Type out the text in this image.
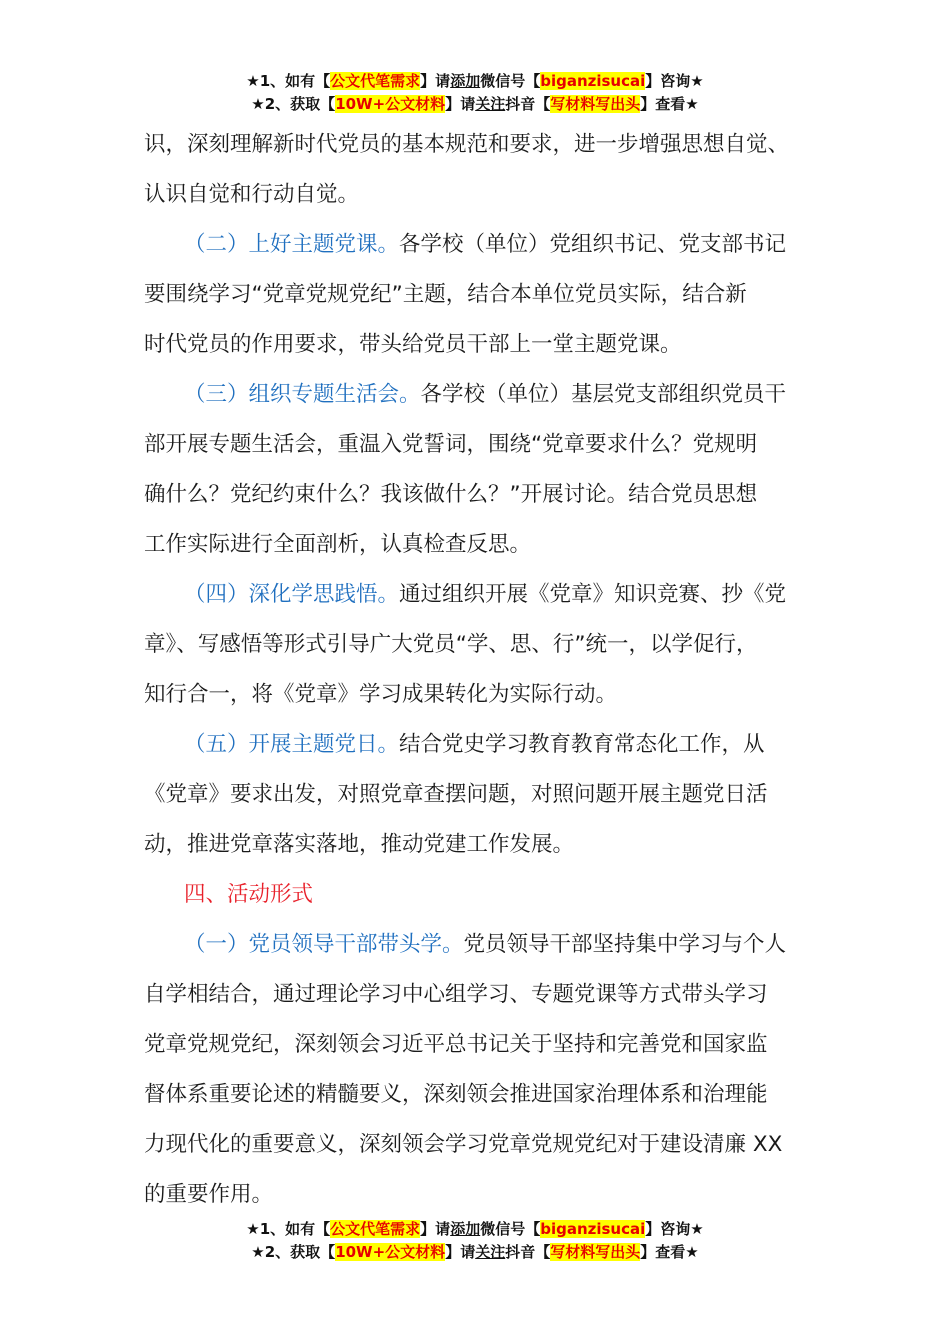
★1、如有【公文代笔需求】请添加微信号【biganzisucai】咨询★
★2、获取【10W+公文材料】请关注抖音【写材料写出头】查看★

识，深刻理解新时代党员的基本规范和要求，进一步增强思想自觉、

认识自觉和行动自觉。

（二）上好主题党课。各学校（单位）党组织书记、党支部书记

要围绕学习“党章党规党纪”主题，结合本单位党员实际，结合新

时代党员的作用要求，带头给党员干部上一堂主题党课。

（三）组织专题生活会。各学校（单位）基层党支部组织党员干

部开展专题生活会，重温入党誓词，围绕“党章要求什么？党规明

确什么？党纪约束什么？我该做什么？”开展讨论。结合党员思想

工作实际进行全面剖析，认真检查反思。

（四）深化学思践悟。通过组织开展《党章》知识竞赛、抄《党

章》、写感悟等形式引导广大党员“学、思、行”统一，以学促行，

知行合一，将《党章》学习成果转化为实际行动。

（五）开展主题党日。结合党史学习教育教育常态化工作，从

《党章》要求出发，对照党章查摆问题，对照问题开展主题党日活

动，推进党章落实落地，推动党建工作发展。

四、活动形式

（一）党员领导干部带头学。党员领导干部坚持集中学习与个人

自学相结合，通过理论学习中心组学习、专题党课等方式带头学习

党章党规党纪，深刻领会习近平总书记关于坚持和完善党和国家监

督体系重要论述的精髓要义，深刻领会推进国家治理体系和治理能

力现代化的重要意义，深刻领会学习党章党规党纪对于建设清廉 XX

的重要作用。

★1、如有【公文代笔需求】请添加微信号【biganzisucai】咨询★
★2、获取【10W+公文材料】请关注抖音【写材料写出头】查看★
